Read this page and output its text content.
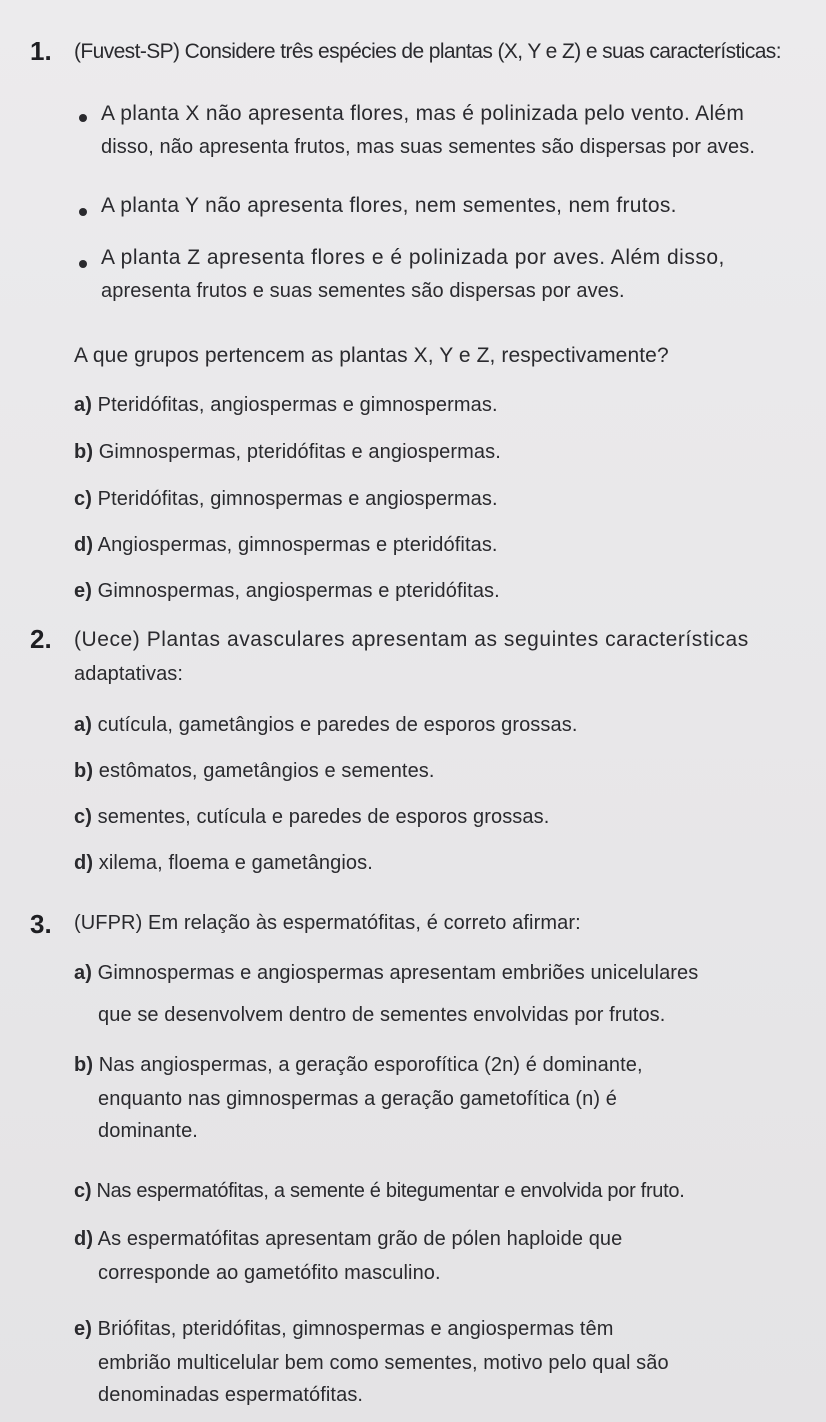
1. (Fuvest-SP) Considere três espécies de plantas (X, Y e Z) e suas características:
A planta X não apresenta flores, mas é polinizada pelo vento. Além
disso, não apresenta frutos, mas suas sementes são dispersas por aves.
A planta Y não apresenta flores, nem sementes, nem frutos.
A planta Z apresenta flores e é polinizada por aves. Além disso,
apresenta frutos e suas sementes são dispersas por aves.
A que grupos pertencem as plantas X, Y e Z, respectivamente?
a) Pteridófitas, angiospermas e gimnospermas.
b) Gimnospermas, pteridófitas e angiospermas.
c) Pteridófitas, gimnospermas e angiospermas.
d) Angiospermas, gimnospermas e pteridófitas.
e) Gimnospermas, angiospermas e pteridófitas.
2. (Uece) Plantas avasculares apresentam as seguintes características
adaptativas:
a) cutícula, gametângios e paredes de esporos grossas.
b) estômatos, gametângios e sementes.
c) sementes, cutícula e paredes de esporos grossas.
d) xilema, floema e gametângios.
3. (UFPR) Em relação às espermatófitas, é correto afirmar:
a) Gimnospermas e angiospermas apresentam embriões unicelulares
que se desenvolvem dentro de sementes envolvidas por frutos.
b) Nas angiospermas, a geração esporofítica (2n) é dominante,
enquanto nas gimnospermas a geração gametofítica (n) é
dominante.
c) Nas espermatófitas, a semente é bitegumentar e envolvida por fruto.
d) As espermatófitas apresentam grão de pólen haploide que
corresponde ao gametófito masculino.
e) Briófitas, pteridófitas, gimnospermas e angiospermas têm
embrião multicelular bem como sementes, motivo pelo qual são
denominadas espermatófitas.
